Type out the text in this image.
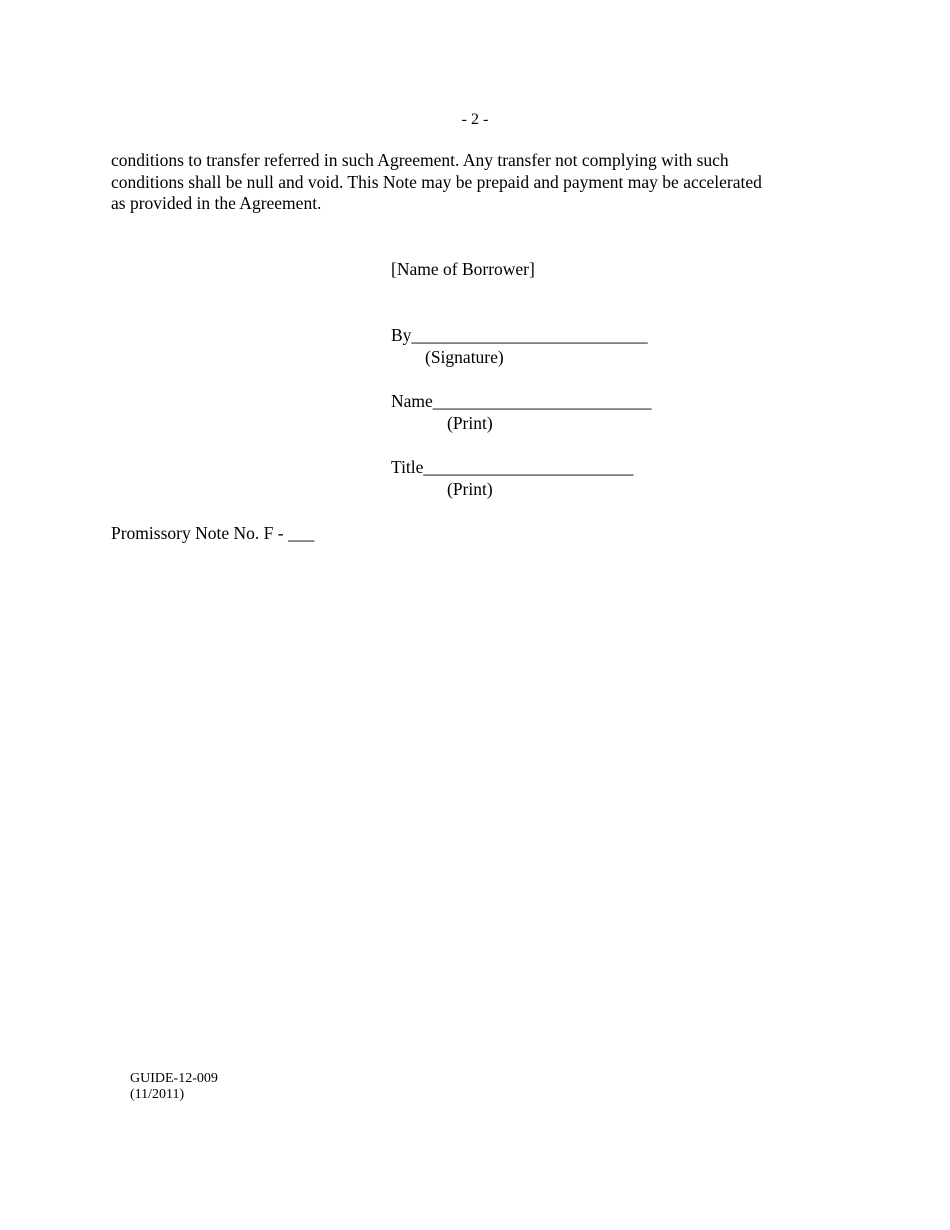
- 2 -
conditions to transfer referred in such Agreement. Any transfer not complying with such
conditions shall be null and void. This Note may be prepaid and payment may be accelerated
as provided in the Agreement.
[Name of Borrower]
By___________________________
(Signature)
Name_________________________
(Print)
Title________________________
(Print)
Promissory Note No. F - ___
GUIDE-12-009
(11/2011)
